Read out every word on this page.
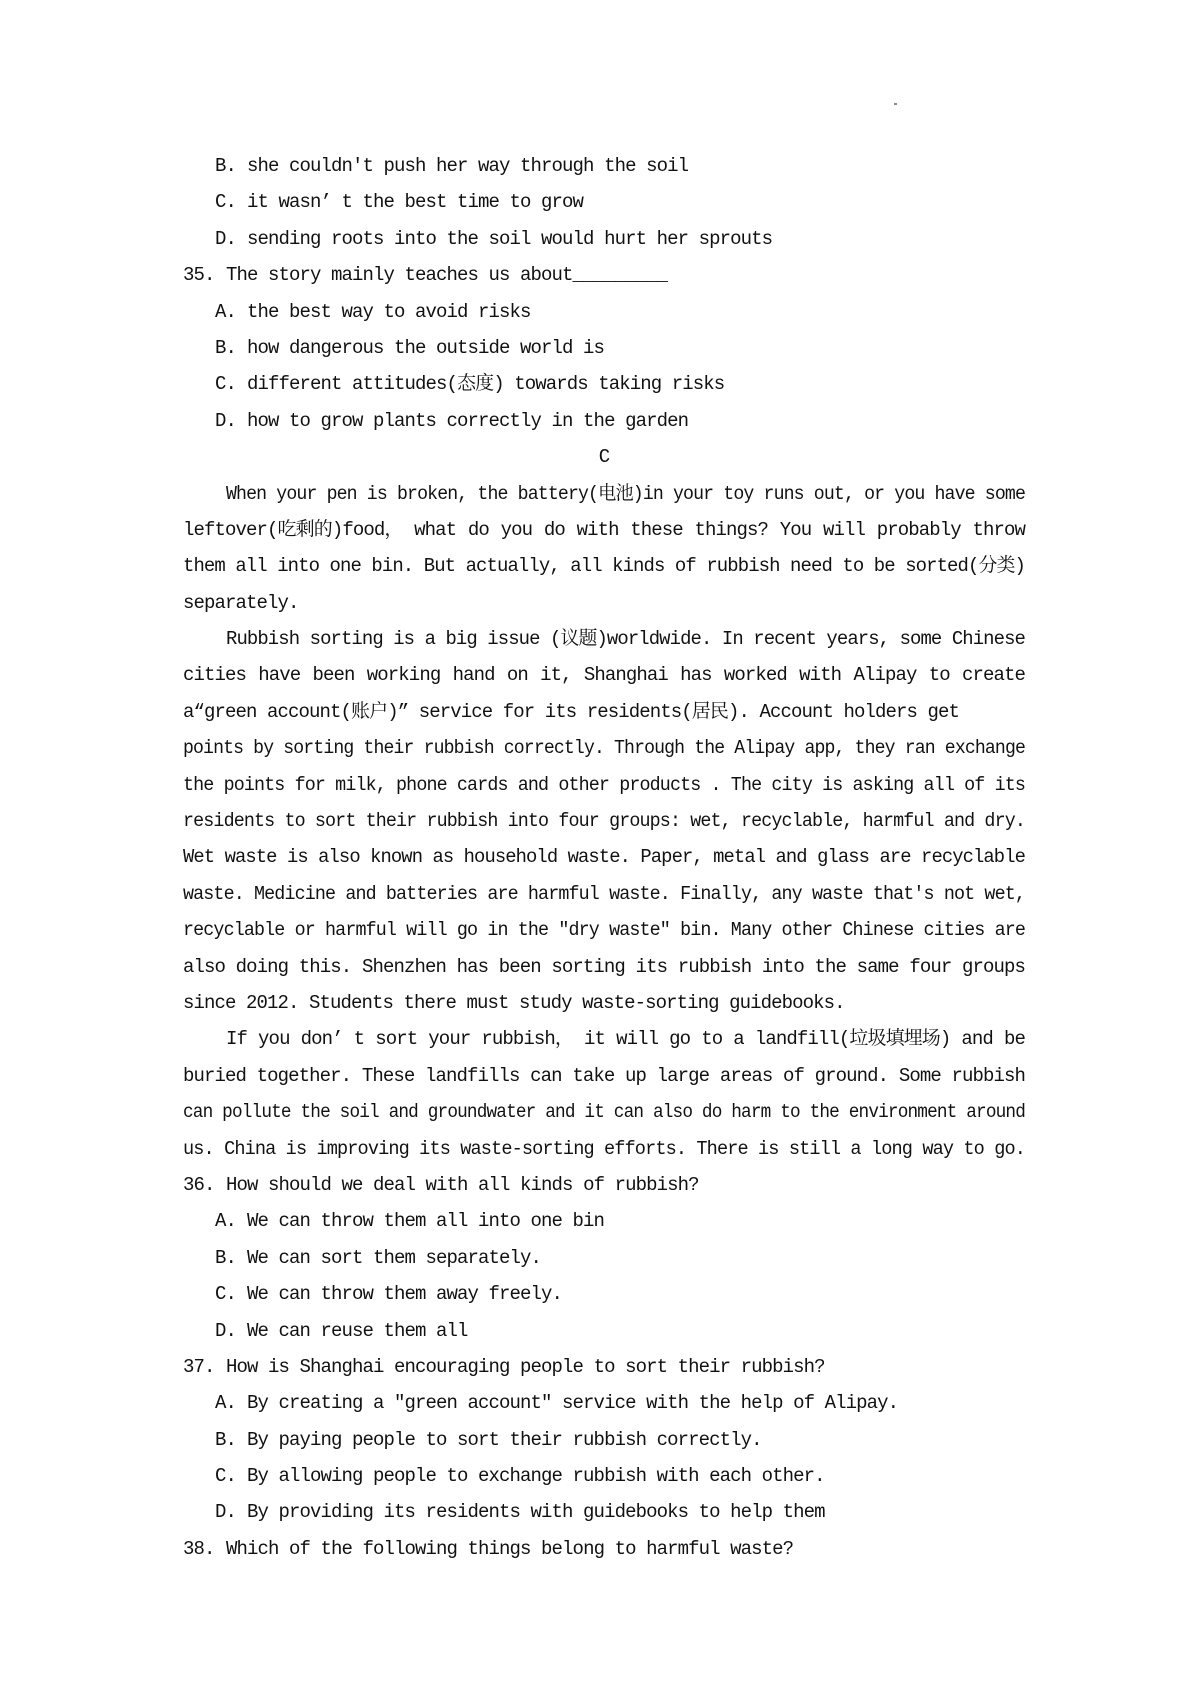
B. she couldn't push her way through the soil
C. it wasn’ t the best time to grow
D. sending roots into the soil would hurt her sprouts
35. The story mainly teaches us about_________
A. the best way to avoid risks
B. how dangerous the outside world is
C. different attitudes(态度) towards taking risks
D. how to grow plants correctly in the garden
C
When your pen is broken, the battery(电池)in your toy runs out, or you have some
leftover(吃剩的)food， what do you do with these things? You will probably throw
them all into one bin. But actually, all kinds of rubbish need to be sorted(分类)
separately.
Rubbish sorting is a big issue (议题)worldwide. In recent years, some Chinese
cities have been working hand on it, Shanghai has worked with Alipay to create
a“green account(账户)” service for its residents(居民). Account holders get
points by sorting their rubbish correctly. Through the Alipay app, they ran exchange
the points for milk, phone cards and other products . The city is asking all of its
residents to sort their rubbish into four groups: wet, recyclable, harmful and dry.
Wet waste is also known as household waste. Paper, metal and glass are recyclable
waste. Medicine and batteries are harmful waste. Finally, any waste that's not wet,
recyclable or harmful will go in the "dry waste" bin. Many other Chinese cities are
also doing this. Shenzhen has been sorting its rubbish into the same four groups
since 2012. Students there must study waste-sorting guidebooks.
If you don’ t sort your rubbish， it will go to a landfill(垃圾填埋场) and be
buried together. These landfills can take up large areas of ground. Some rubbish
can pollute the soil and groundwater and it can also do harm to the environment around
us. China is improving its waste-sorting efforts. There is still a long way to go.
36. How should we deal with all kinds of rubbish?
A. We can throw them all into one bin
B. We can sort them separately.
C. We can throw them away freely.
D. We can reuse them all
37. How is Shanghai encouraging people to sort their rubbish?
A. By creating a "green account" service with the help of Alipay.
B. By paying people to sort their rubbish correctly.
C. By allowing people to exchange rubbish with each other.
D. By providing its residents with guidebooks to help them
38. Which of the following things belong to harmful waste?
